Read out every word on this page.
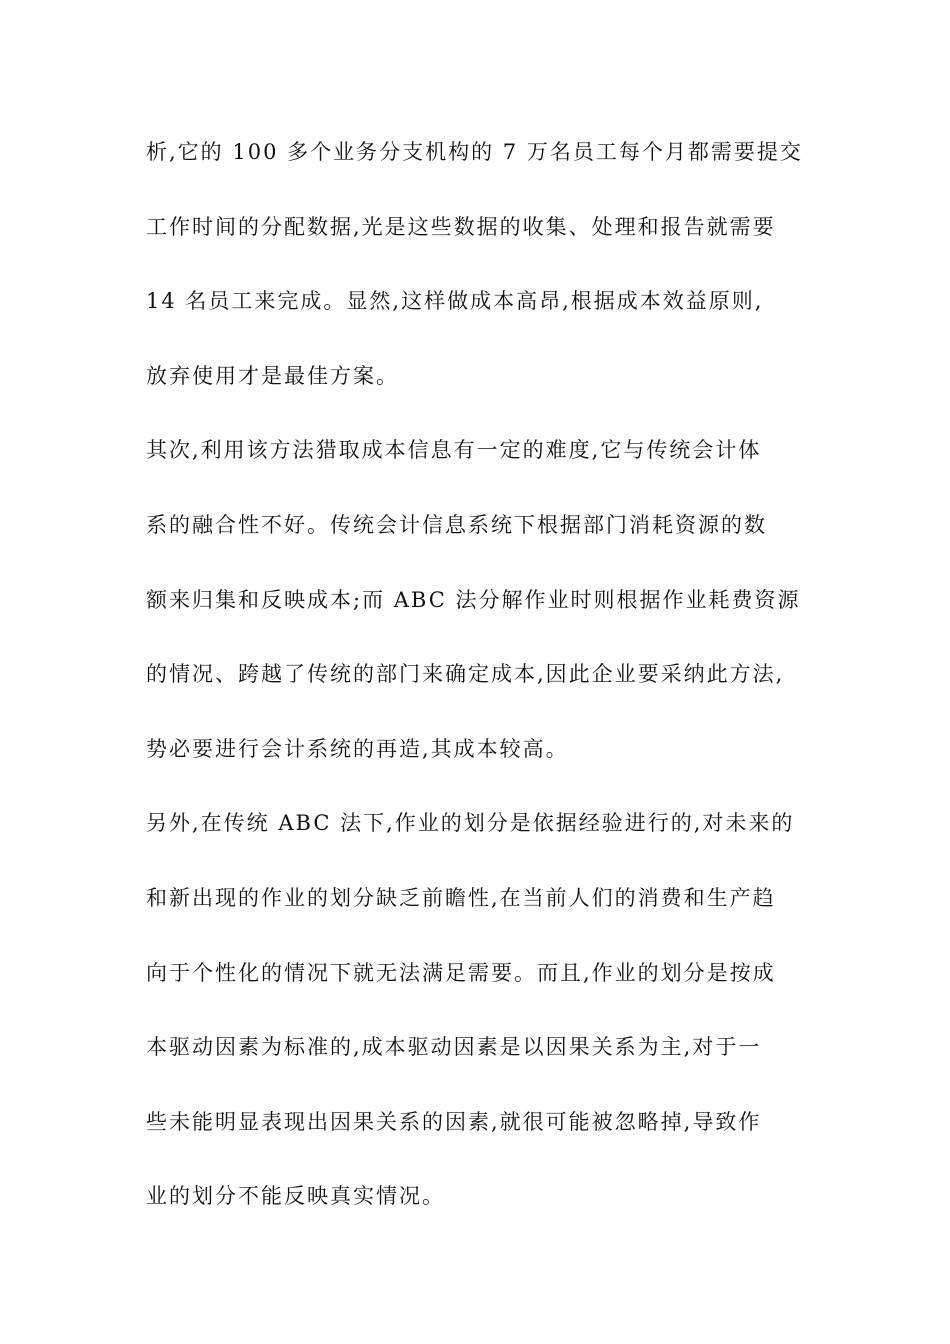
析,它的 100 多个业务分支机构的 7 万名员工每个月都需要提交
工作时间的分配数据,光是这些数据的收集、处理和报告就需要
14 名员工来完成。显然,这样做成本高昂,根据成本效益原则,
放弃使用才是最佳方案。
其次,利用该方法猎取成本信息有一定的难度,它与传统会计体
系的融合性不好。传统会计信息系统下根据部门消耗资源的数
额来归集和反映成本;而 ABC 法分解作业时则根据作业耗费资源
的情况、跨越了传统的部门来确定成本,因此企业要采纳此方法,
势必要进行会计系统的再造,其成本较高。
另外,在传统 ABC 法下,作业的划分是依据经验进行的,对未来的
和新出现的作业的划分缺乏前瞻性,在当前人们的消费和生产趋
向于个性化的情况下就无法满足需要。而且,作业的划分是按成
本驱动因素为标准的,成本驱动因素是以因果关系为主,对于一
些未能明显表现出因果关系的因素,就很可能被忽略掉,导致作
业的划分不能反映真实情况。
